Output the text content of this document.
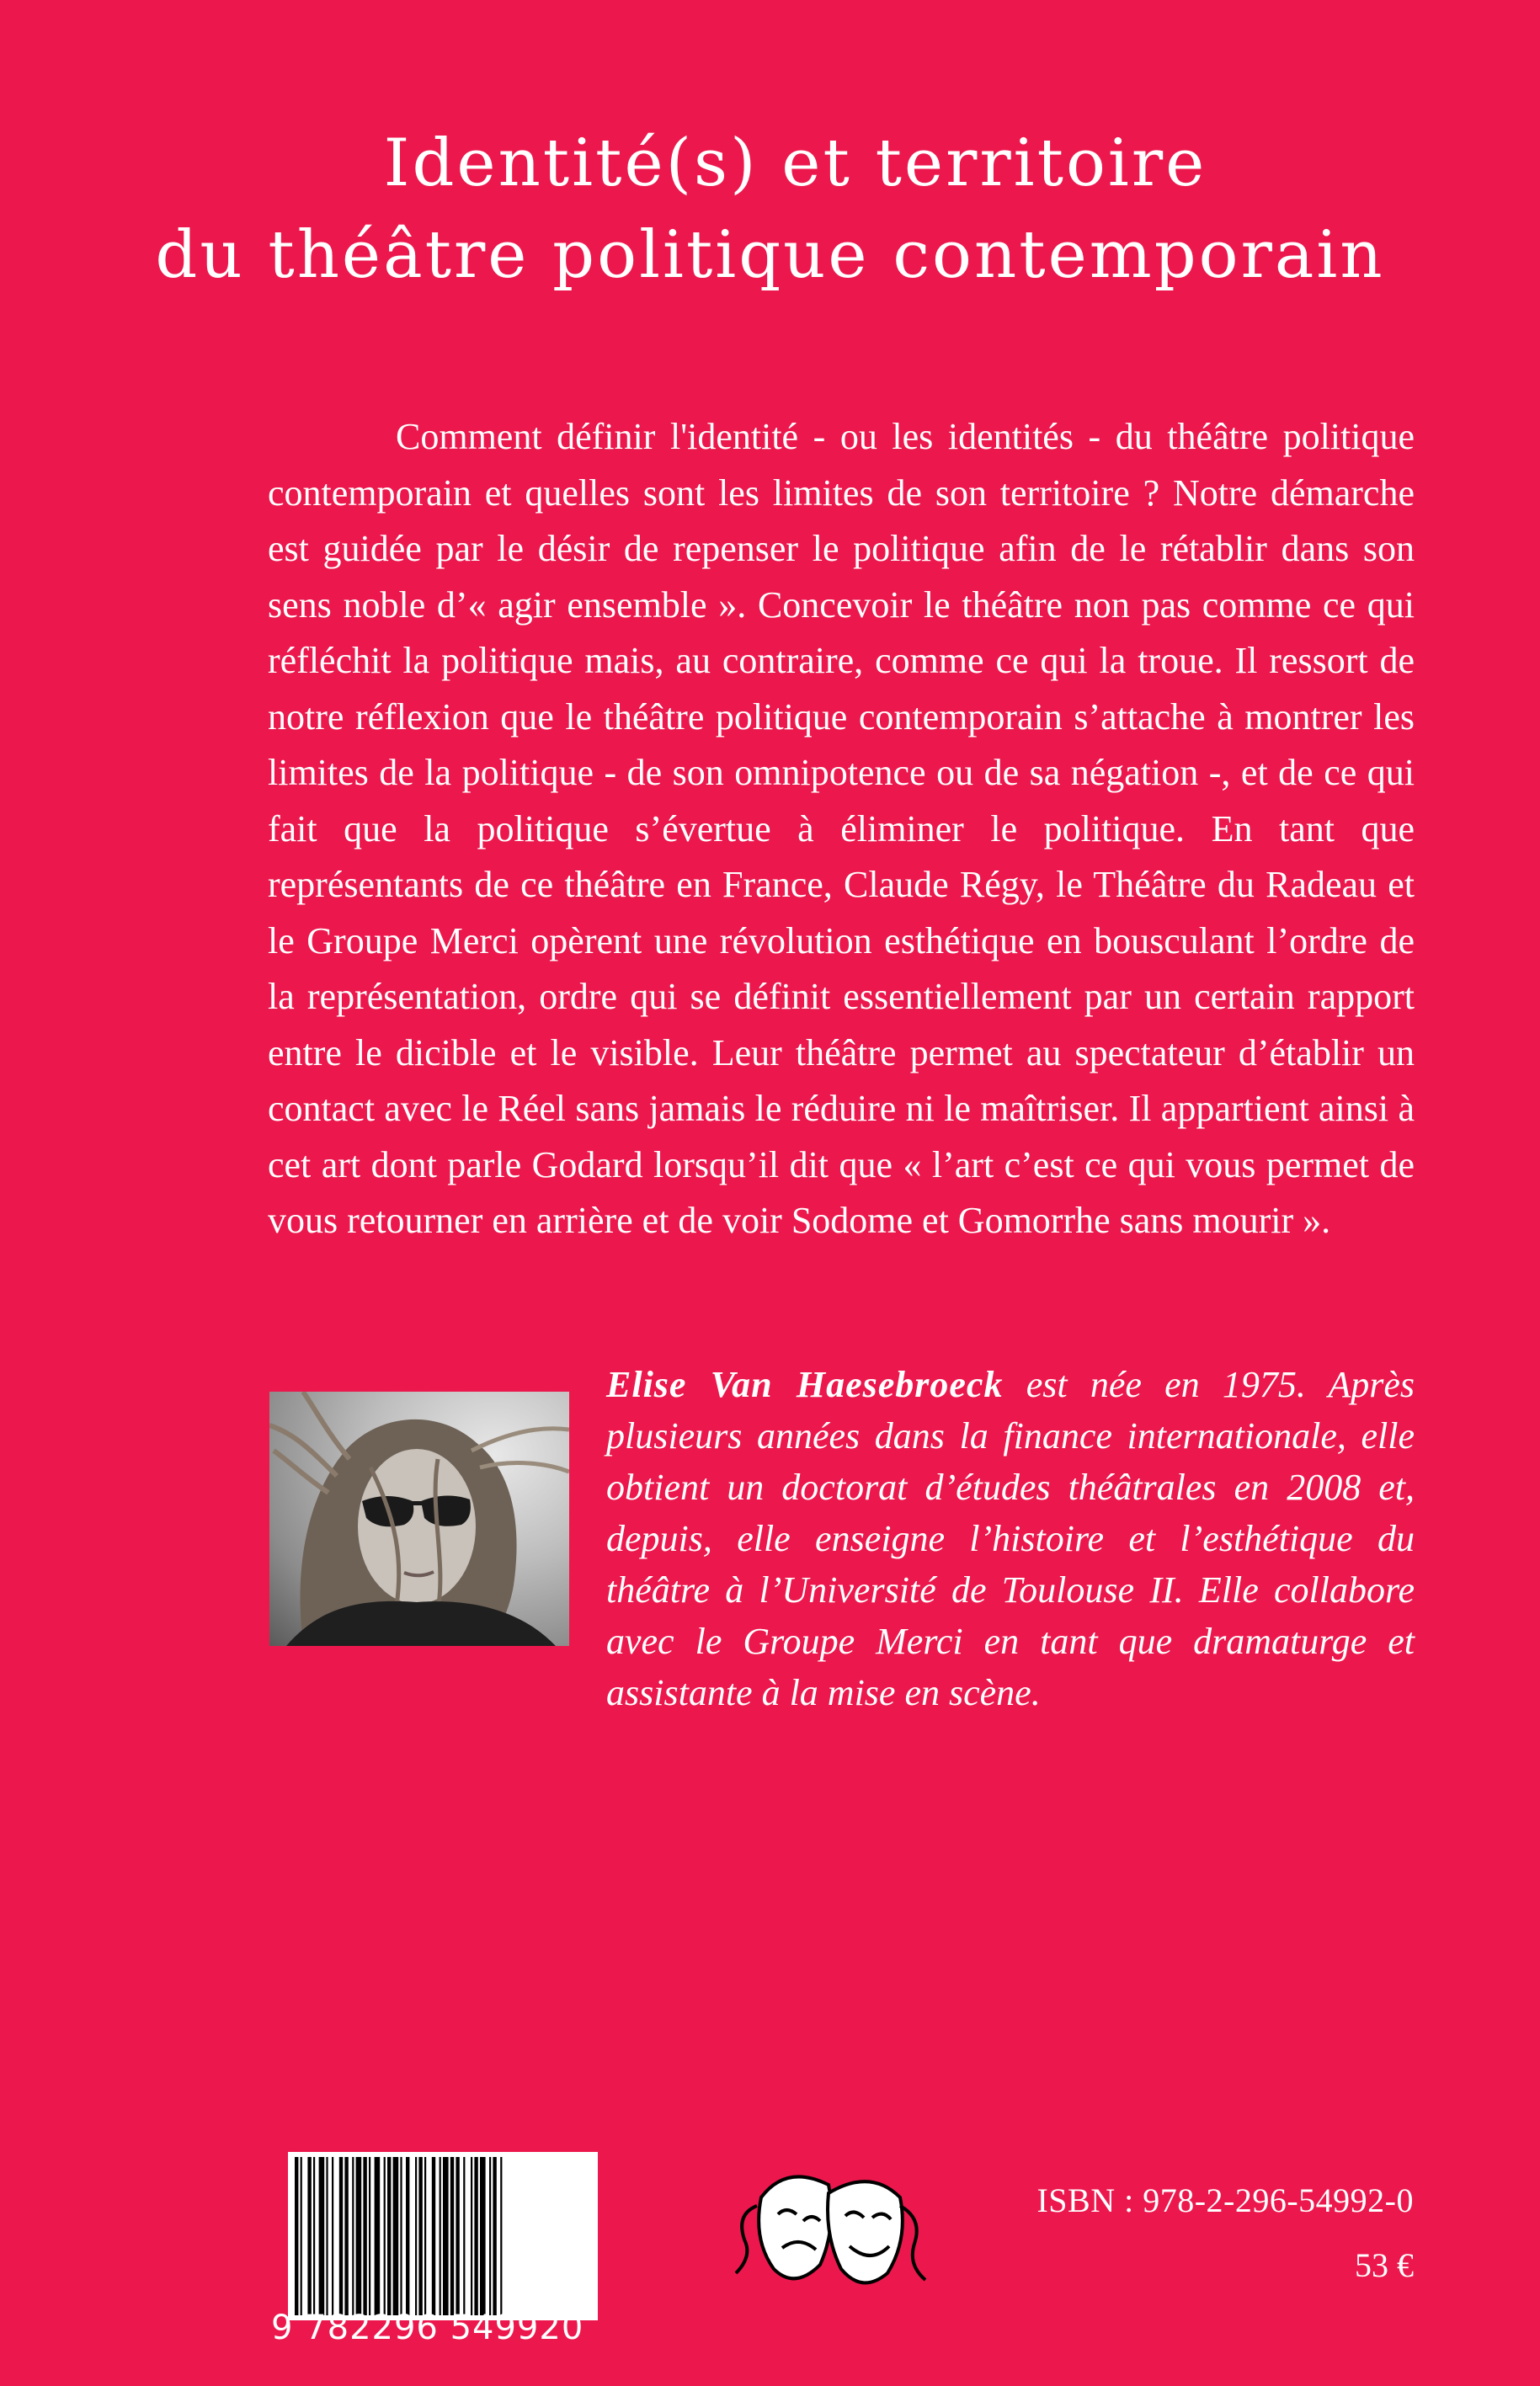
Identité(s) et territoire
du théâtre politique contemporain

Comment définir l'identité - ou les identités - du théâtre politique contemporain et quelles sont les limites de son territoire ? Notre démarche est guidée par le désir de repenser le politique afin de le rétablir dans son sens noble d’« agir ensemble ». Concevoir le théâtre non pas comme ce qui réfléchit la politique mais, au contraire, comme ce qui la troue. Il ressort de notre réflexion que le théâtre politique contemporain s’attache à montrer les limites de la politique - de son omnipotence ou de sa négation -, et de ce qui fait que la politique s’évertue à éliminer le politique. En tant que représentants de ce théâtre en France, Claude Régy, le Théâtre du Radeau et le Groupe Merci opèrent une révolution esthétique en bousculant l’ordre de la représentation, ordre qui se définit essentiellement par un certain rapport entre le dicible et le visible. Leur théâtre permet au spectateur d’établir un contact avec le Réel sans jamais le réduire ni le maîtriser. Il appartient ainsi à cet art dont parle Godard lorsqu’il dit que « l’art c’est ce qui vous permet de vous retourner en arrière et de voir Sodome et Gomorrhe sans mourir ».

Elise Van Haesebroeck est née en 1975. Après plusieurs années dans la finance internationale, elle obtient un doctorat d’études théâtrales en 2008 et, depuis, elle enseigne l’histoire et l’esthétique du théâtre à l’Université de Toulouse II. Elle collabore avec le Groupe Merci en tant que dramaturge et assistante à la mise en scène.

9 782296 549920
ISBN : 978-2-296-54992-0
53 €
